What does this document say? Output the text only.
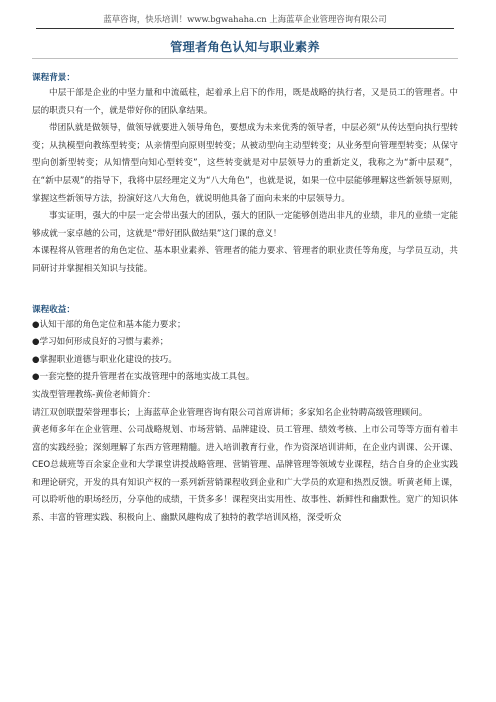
蓝草咨询，快乐培训！www.bgwahaha.cn 上海蓝草企业管理咨询有限公司
管理者角色认知与职业素养
课程背景：

中层干部是企业的中坚力量和中流砥柱，起着承上启下的作用，既是战略的执行者，又是员工的管理者。中层的职责只有一个，就是带好你的团队拿结果。

带团队就是做领导，做领导就要进入领导角色，要想成为未来优秀的领导者，中层必须“从传达型向执行型转变；从执模型向教练型转变；从亲情型向原则型转变；从被动型向主动型转变；从业务型向管理型转变；从保守型向创新型转变；从知情型向知心型转变”，这些转变就是对中层领导力的重新定义，我称之为“新中层观”，在“新中层观”的指导下，我将中层经理定义为“八大角色”，也就是说，如果一位中层能够理解这些新领导原则，掌握这些新领导方法，扮演好这八大角色，就说明他具备了面向未来的中层领导力。

事实证明，强大的中层一定会带出强大的团队，强大的团队一定能够创造出非凡的业绩，非凡的业绩一定能够成就一家卓越的公司，这就是“带好团队做结果”这门课的意义！

本课程将从管理者的角色定位、基本职业素养、管理者的能力要求、管理者的职业责任等角度，与学员互动，共同研讨并掌握相关知识与技能。

课程收益：

●认知干部的角色定位和基本能力要求；

●学习如何形成良好的习惯与素养；

●掌握职业道德与职业化建设的技巧。

●一套完整的提升管理者在实战管理中的落地实战工具包。

实战型管理教练-黄俭老师简介：

请江双创联盟荣誉理事长；上海蓝草企业管理咨询有限公司首席讲师；多家知名企业特聘高级管理顾问。

黄老师多年在企业管理、公司战略规划、市场营销、品牌建设、员工管理、绩效考核、上市公司等等方面有着丰富的实践经验；深刻理解了东西方管理精髓。进入培训教育行业，作为资深培训讲师，在企业内训课、公开课、CEO总裁班等百余家企业和大学课堂讲授战略管理、营销管理、品牌管理等领域专业课程，结合自身的企业实践和理论研究，开发的具有知识产权的一系列新营销课程收到企业和广大学员的欢迎和热烈反馈。听黄老师上课，可以聆听他的职场经历，分享他的成绩，干货多多！课程突出实用性、故事性、新鲜性和幽默性。宽广的知识体系、丰富的管理实践、积极向上、幽默风趣构成了独特的教学培训风格，深受听众
